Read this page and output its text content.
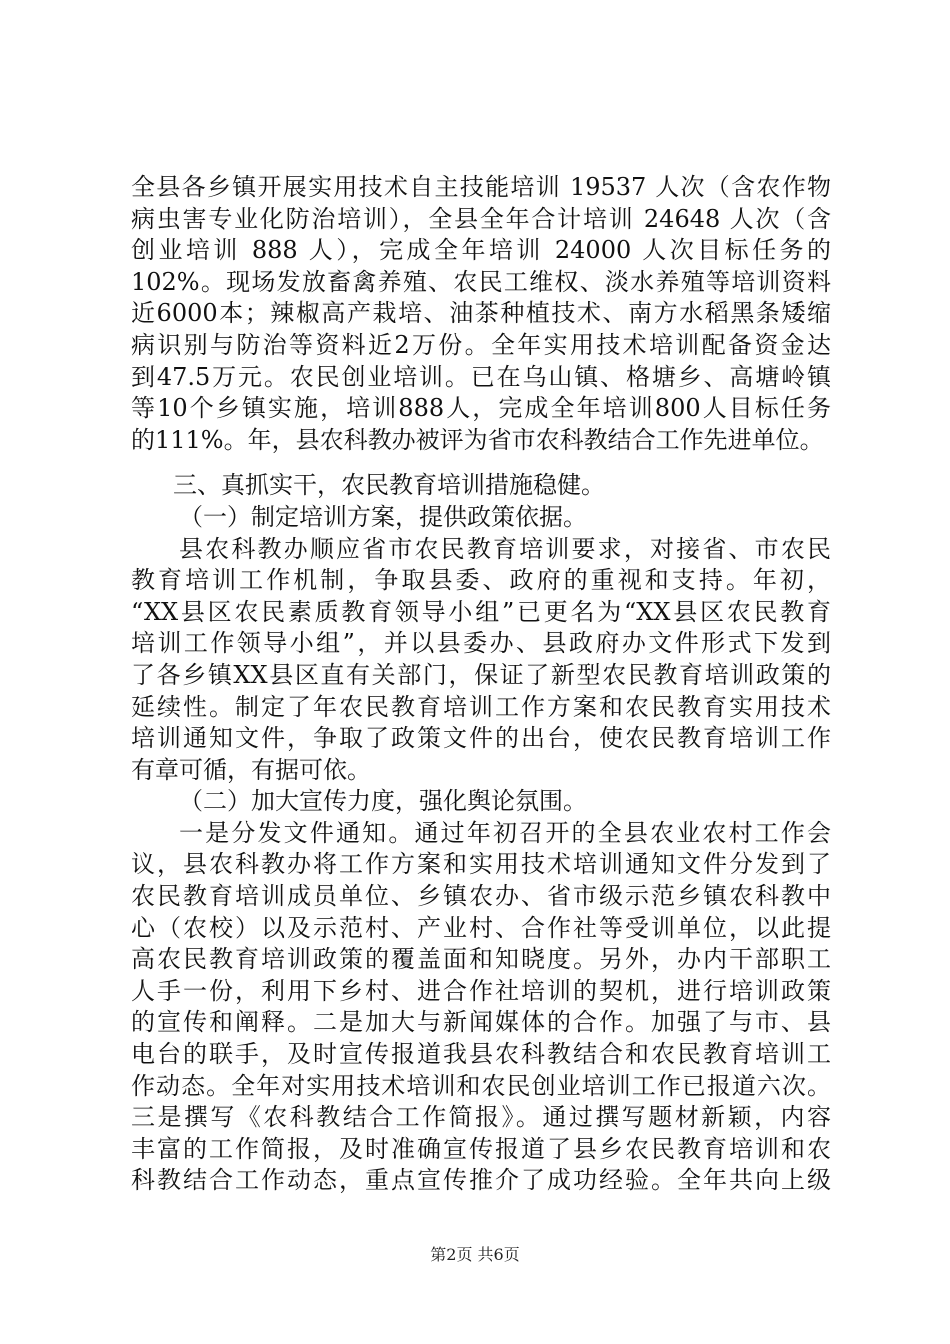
全县各乡镇开展实用技术自主技能培训 19537 人次（含农作物
病虫害专业化防治培训），全县全年合计培训 24648 人次（含
创业培训 888 人），完成全年培训 24000 人次目标任务的
102%。现场发放畜禽养殖、农民工维权、淡水养殖等培训资料
近6000本；辣椒高产栽培、油茶种植技术、南方水稻黑条矮缩
病识别与防治等资料近2万份。全年实用技术培训配备资金达
到47.5万元。农民创业培训。已在乌山镇、格塘乡、高塘岭镇
等10个乡镇实施，培训888人，完成全年培训800人目标任务
的111%。年，县农科教办被评为省市农科教结合工作先进单位。
三、真抓实干，农民教育培训措施稳健。
（一）制定培训方案，提供政策依据。
县农科教办顺应省市农民教育培训要求，对接省、市农民
教育培训工作机制，争取县委、政府的重视和支持。年初，
“XX县区农民素质教育领导小组”已更名为“XX县区农民教育
培训工作领导小组”，并以县委办、县政府办文件形式下发到
了各乡镇XX县区直有关部门，保证了新型农民教育培训政策的
延续性。制定了年农民教育培训工作方案和农民教育实用技术
培训通知文件，争取了政策文件的出台，使农民教育培训工作
有章可循，有据可依。
（二）加大宣传力度，强化舆论氛围。
一是分发文件通知。通过年初召开的全县农业农村工作会
议，县农科教办将工作方案和实用技术培训通知文件分发到了
农民教育培训成员单位、乡镇农办、省市级示范乡镇农科教中
心（农校）以及示范村、产业村、合作社等受训单位，以此提
高农民教育培训政策的覆盖面和知晓度。另外，办内干部职工
人手一份，利用下乡村、进合作社培训的契机，进行培训政策
的宣传和阐释。二是加大与新闻媒体的合作。加强了与市、县
电台的联手，及时宣传报道我县农科教结合和农民教育培训工
作动态。全年对实用技术培训和农民创业培训工作已报道六次。
三是撰写《农科教结合工作简报》。通过撰写题材新颖，内容
丰富的工作简报，及时准确宣传报道了县乡农民教育培训和农
科教结合工作动态，重点宣传推介了成功经验。全年共向上级
第2页 共6页
